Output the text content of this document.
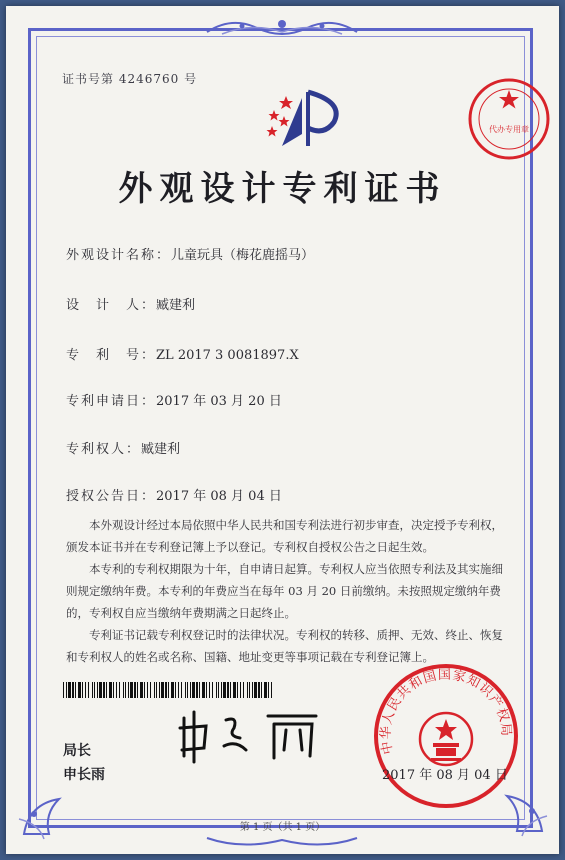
证书号第 4246760 号
代办专用章
外观设计专利证书
外观设计名称：儿童玩具（梅花鹿摇马）
设　计　人：臧建利
专　利　号：ZL 2017 3 0081897.X
专利申请日：2017 年 03 月 20 日
专利权人：臧建利
授权公告日：2017 年 08 月 04 日

本外观设计经过本局依照中华人民共和国专利法进行初步审查，决定授予专利权，颁发本证书并在专利登记簿上予以登记。专利权自授权公告之日起生效。

本专利的专利权期限为十年，自申请日起算。专利权人应当依照专利法及其实施细则规定缴纳年费。本专利的年费应当在每年 03 月 20 日前缴纳。未按照规定缴纳年费的，专利权自应当缴纳年费期满之日起终止。

专利证书记载专利权登记时的法律状况。专利权的转移、质押、无效、终止、恢复和专利权人的姓名或名称、国籍、地址变更等事项记载在专利登记簿上。

局长
申长雨
中华人民共和国国家知识产权局
2017 年 08 月 04 日
第 1 页（共 1 页）
